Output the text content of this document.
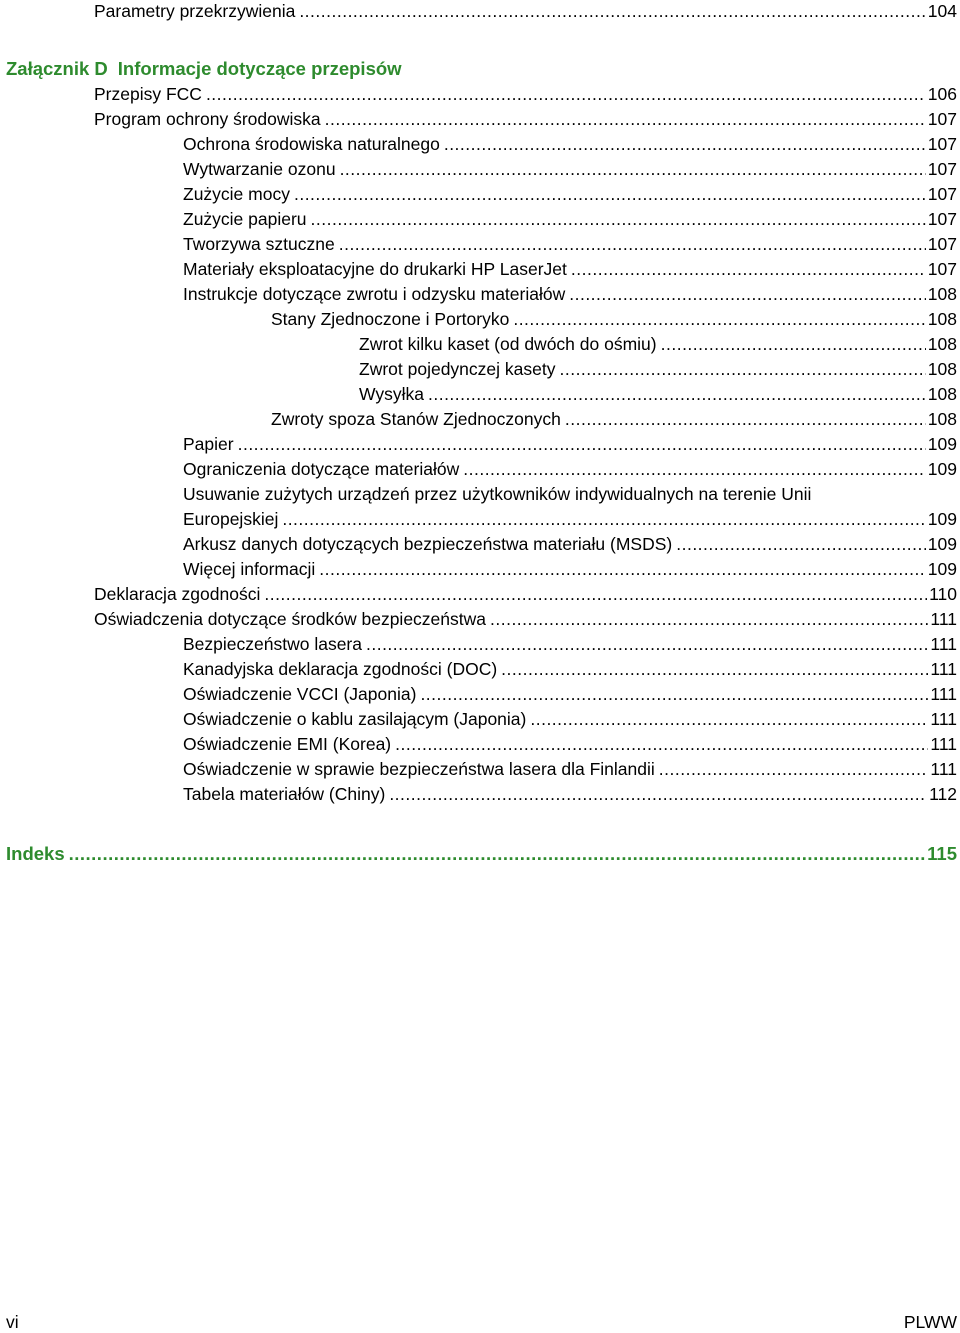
Parametry przekrzywienia .....	104
Załącznik D Informacje dotyczące przepisów
Przepisy FCC .....	106
Program ochrony środowiska .....	107
Ochrona środowiska naturalnego .....	107
Wytwarzanie ozonu .....	107
Zużycie mocy .....	107
Zużycie papieru .....	107
Tworzywa sztuczne .....	107
Materiały eksploatacyjne do drukarki HP LaserJet .....	107
Instrukcje dotyczące zwrotu i odzysku materiałów .....	108
Stany Zjednoczone i Portoryko .....	108
Zwrot kilku kaset (od dwóch do ośmiu) .....	108
Zwrot pojedynczej kasety .....	108
Wysyłka .....	108
Zwroty spoza Stanów Zjednoczonych .....	108
Papier .....	109
Ograniczenia dotyczące materiałów .....	109
Usuwanie zużytych urządzeń przez użytkowników indywidualnych na terenie Unii
Europejskiej .....	109
Arkusz danych dotyczących bezpieczeństwa materiału (MSDS) .....	109
Więcej informacji .....	109
Deklaracja zgodności .....	110
Oświadczenia dotyczące środków bezpieczeństwa .....	111
Bezpieczeństwo lasera .....	111
Kanadyjska deklaracja zgodności (DOC) .....	111
Oświadczenie VCCI (Japonia) .....	111
Oświadczenie o kablu zasilającym (Japonia) .....	111
Oświadczenie EMI (Korea) .....	111
Oświadczenie w sprawie bezpieczeństwa lasera dla Finlandii .....	111
Tabela materiałów (Chiny) .....	112
Indeks .....	115
vi	PLWW
